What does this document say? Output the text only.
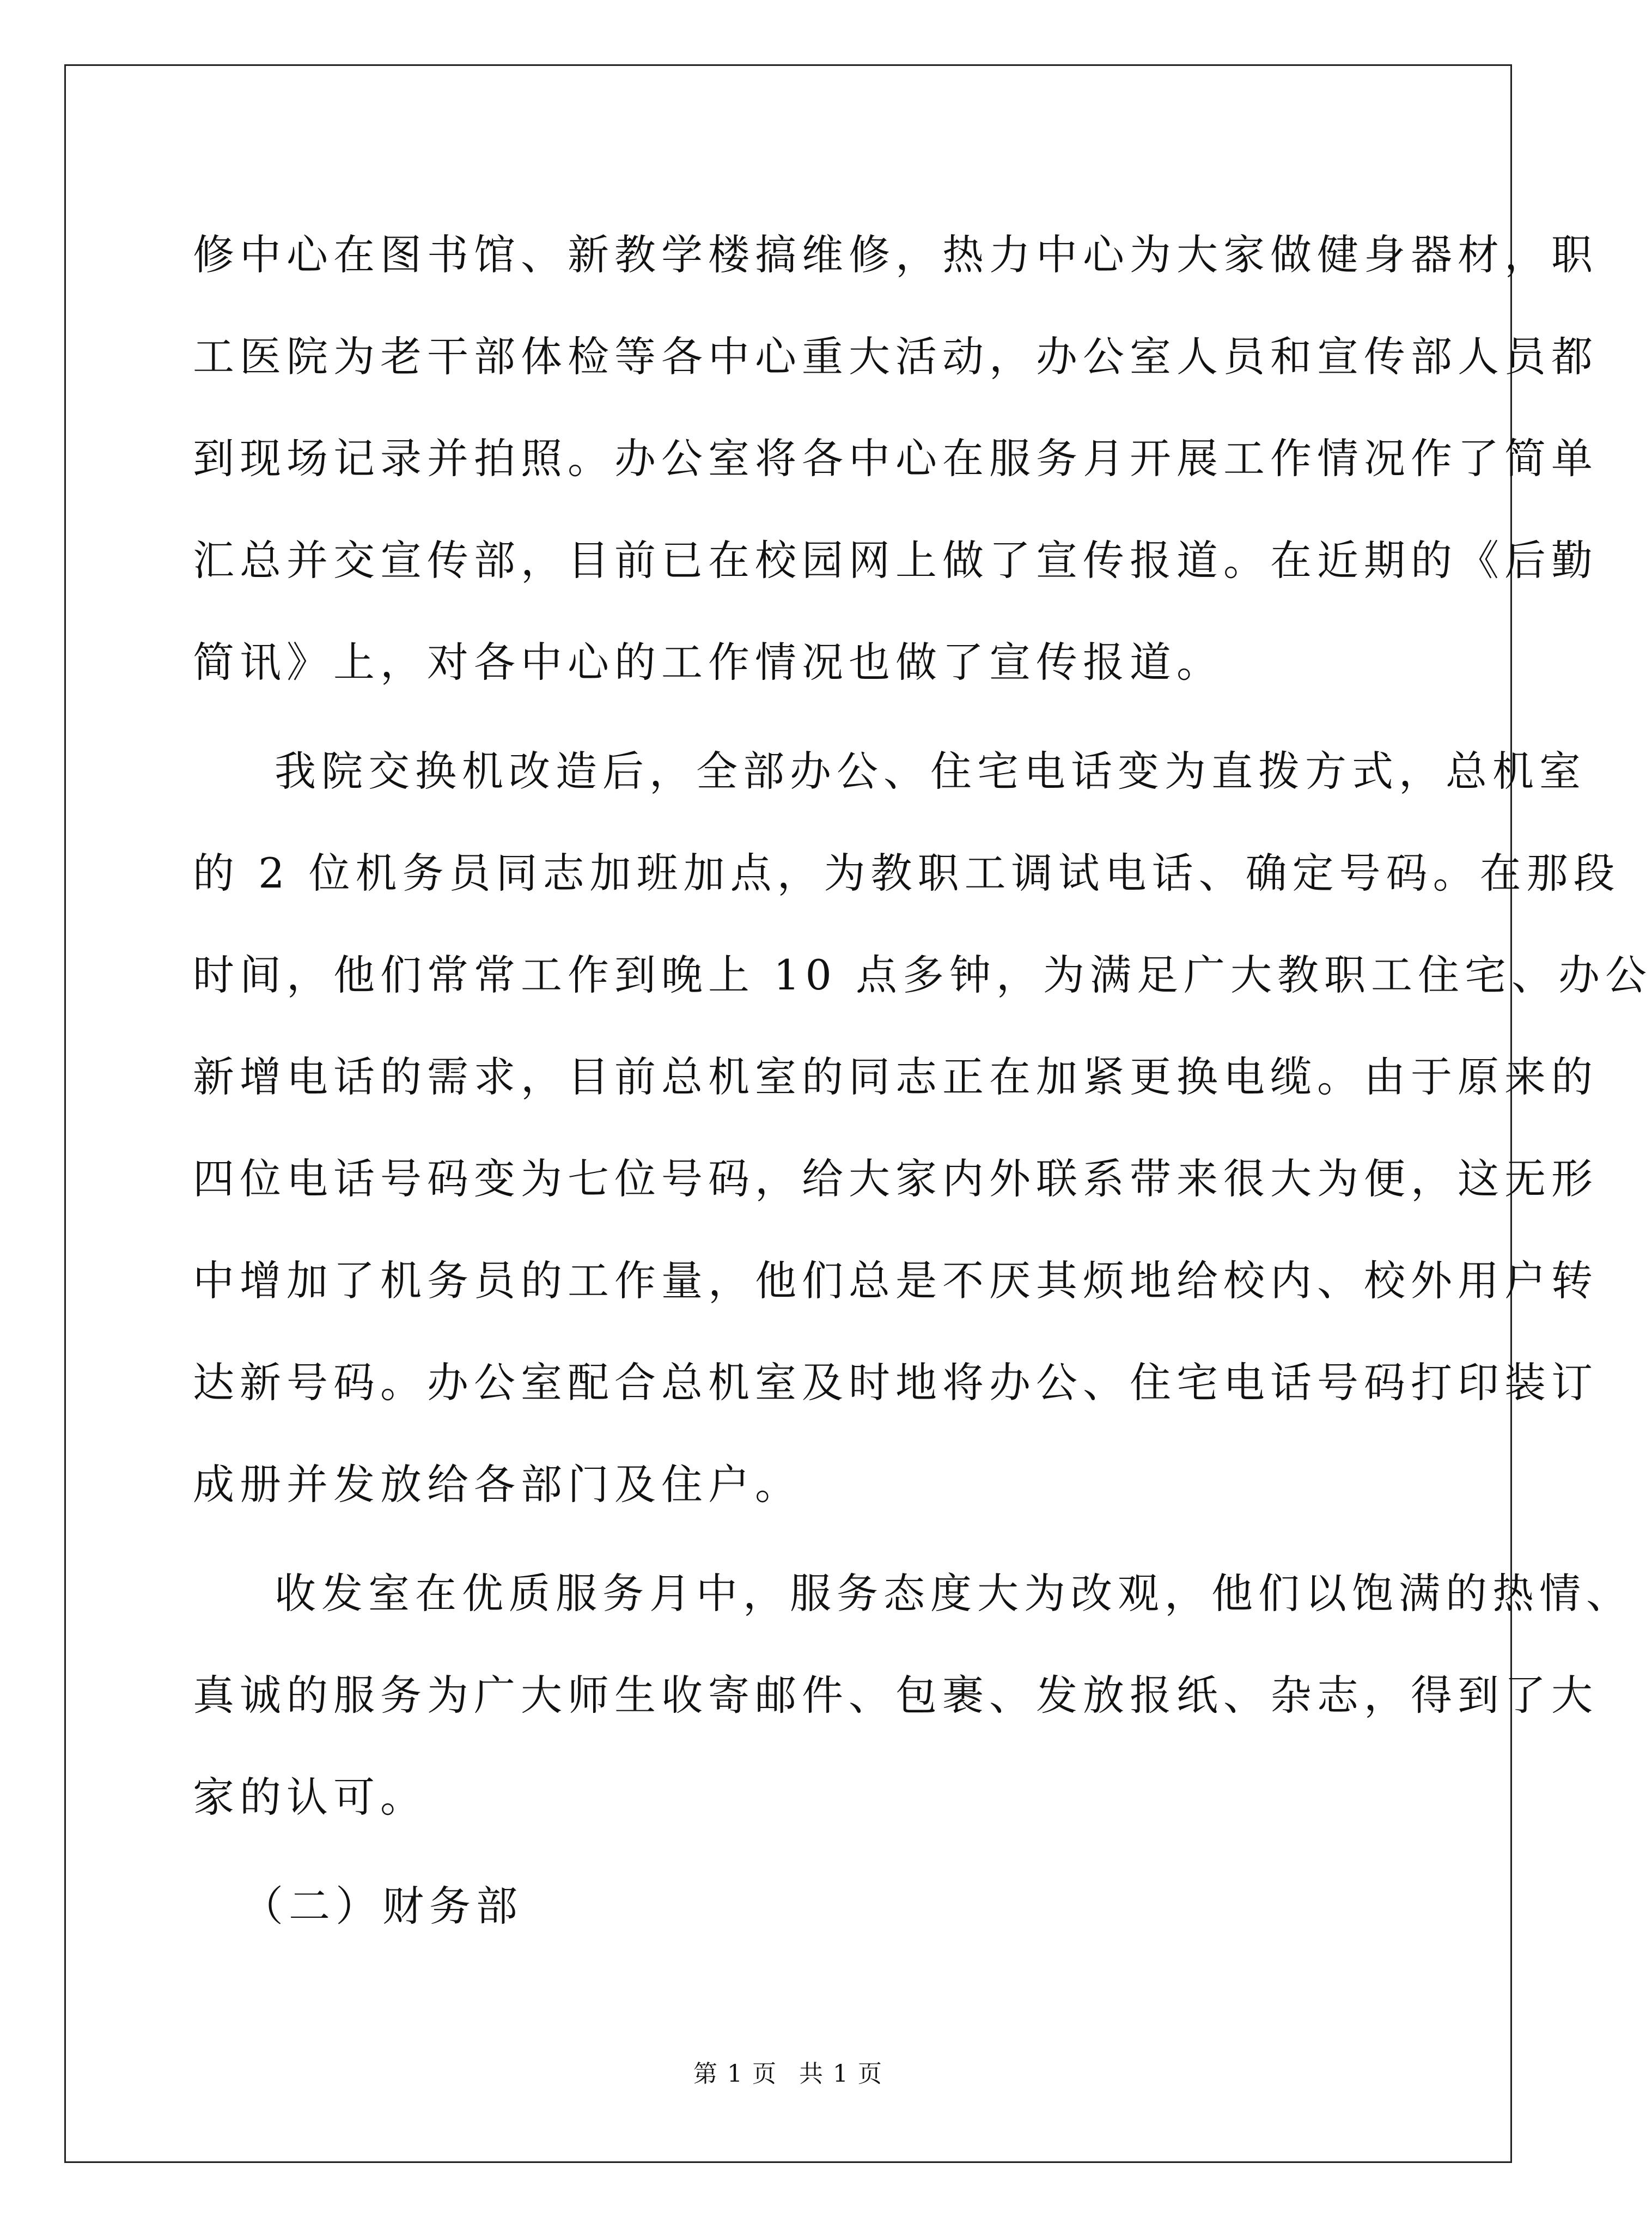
修中心在图书馆、新教学楼搞维修，热力中心为大家做健身器材，职
工医院为老干部体检等各中心重大活动，办公室人员和宣传部人员都
到现场记录并拍照。办公室将各中心在服务月开展工作情况作了简单
汇总并交宣传部，目前已在校园网上做了宣传报道。在近期的《后勤
简讯》上，对各中心的工作情况也做了宣传报道。
我院交换机改造后，全部办公、住宅电话变为直拨方式，总机室
的 2 位机务员同志加班加点，为教职工调试电话、确定号码。在那段
时间，他们常常工作到晚上 10 点多钟，为满足广大教职工住宅、办公
新增电话的需求，目前总机室的同志正在加紧更换电缆。由于原来的
四位电话号码变为七位号码，给大家内外联系带来很大为便，这无形
中增加了机务员的工作量，他们总是不厌其烦地给校内、校外用户转
达新号码。办公室配合总机室及时地将办公、住宅电话号码打印装订
成册并发放给各部门及住户。
收发室在优质服务月中，服务态度大为改观，他们以饱满的热情、
真诚的服务为广大师生收寄邮件、包裹、发放报纸、杂志，得到了大
家的认可。
（二）财务部
第 1 页 共 1 页
